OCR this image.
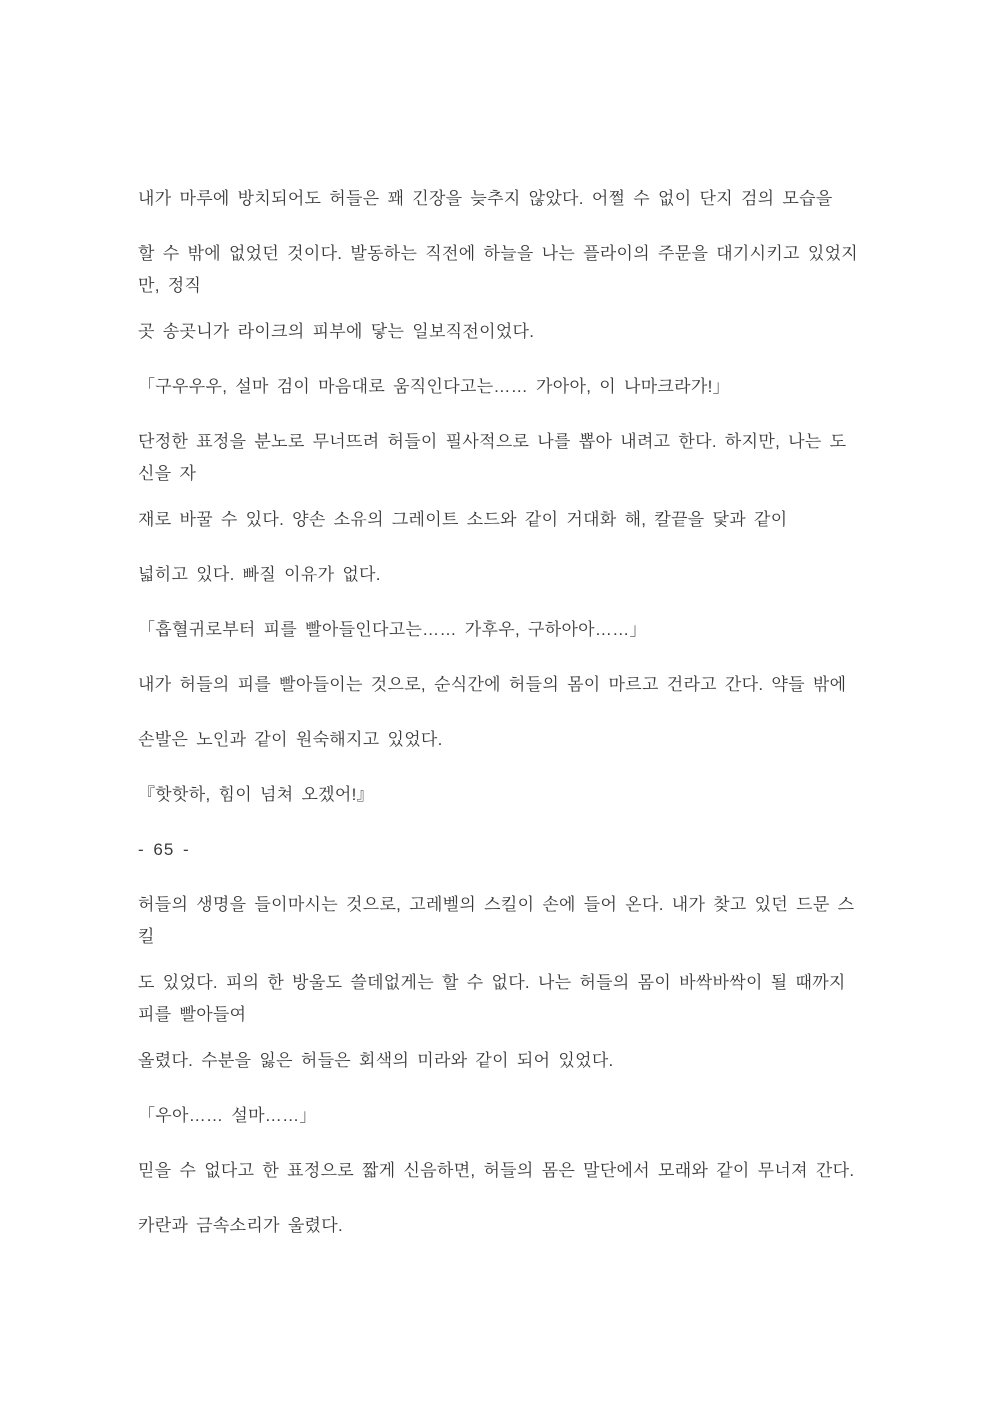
내가 마루에 방치되어도 허들은 꽤 긴장을 늦추지 않았다. 어쩔 수 없이 단지 검의 모습을
할 수 밖에 없었던 것이다. 발동하는 직전에 하늘을 나는 플라이의 주문을 대기시키고 있었지
만, 정직
곳 송곳니가 라이크의 피부에 닿는 일보직전이었다.
「구우우우, 설마 검이 마음대로 움직인다고는…… 가아아, 이 나마크라가!」
단정한 표정을 분노로 무너뜨려 허들이 필사적으로 나를 뽑아 내려고 한다. 하지만, 나는 도
신을 자
재로 바꿀 수 있다. 양손 소유의 그레이트 소드와 같이 거대화 해, 칼끝을 닻과 같이
넓히고 있다. 빠질 이유가 없다.
「흡혈귀로부터 피를 빨아들인다고는…… 가후우, 구하아아……」
내가 허들의 피를 빨아들이는 것으로, 순식간에 허들의 몸이 마르고 건라고 간다. 약들 밖에
손발은 노인과 같이 원숙해지고 있었다.
『핫핫하, 힘이 넘쳐 오겠어!』
- 65 -
허들의 생명을 들이마시는 것으로, 고레벨의 스킬이 손에 들어 온다. 내가 찾고 있던 드문 스
킬
도 있었다. 피의 한 방울도 쓸데없게는 할 수 없다. 나는 허들의 몸이 바싹바싹이 될 때까지
피를 빨아들여
올렸다. 수분을 잃은 허들은 회색의 미라와 같이 되어 있었다.
「우아…… 설마……」
믿을 수 없다고 한 표정으로 짧게 신음하면, 허들의 몸은 말단에서 모래와 같이 무너져 간다.
카란과 금속소리가 울렸다.
